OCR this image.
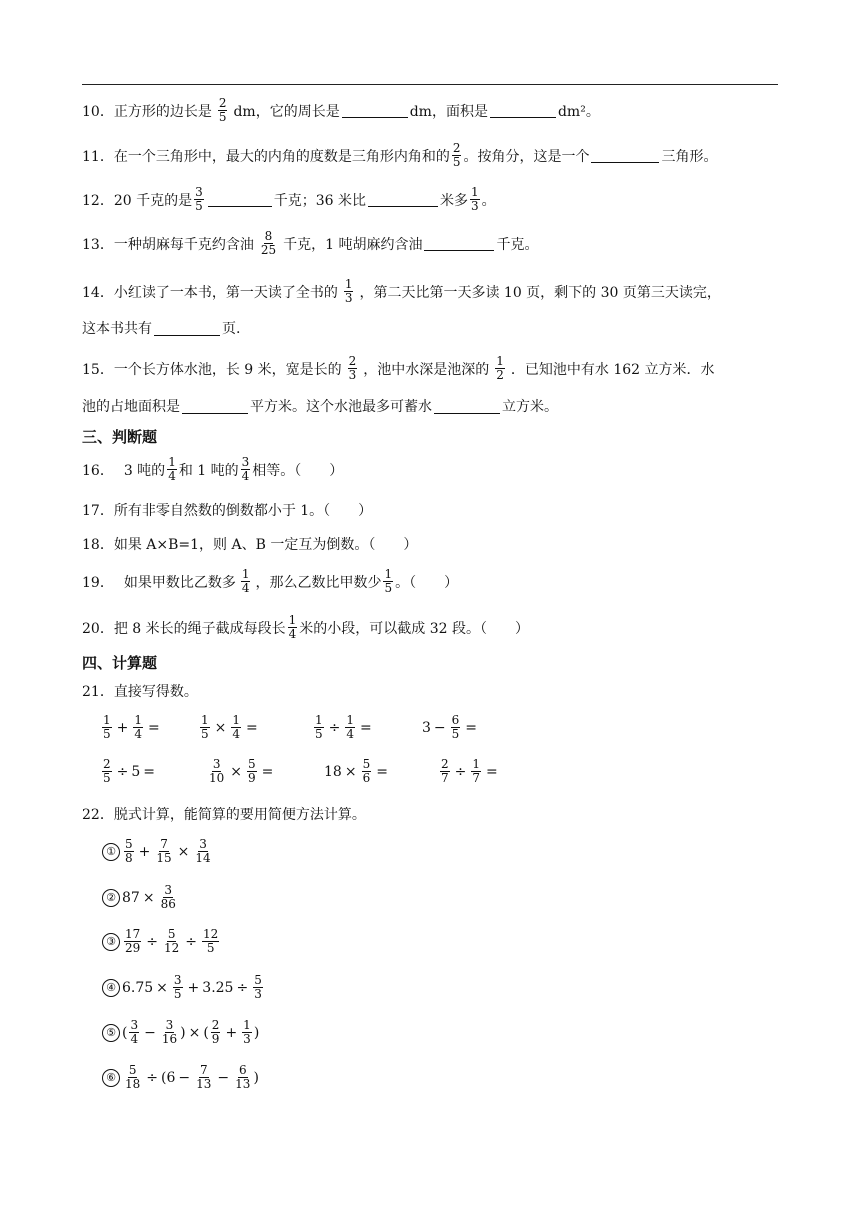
10． 正方形的边长是 $\frac{2}{5}$ dm，它的周长是	dm，面积是	dm²。
11． 在一个三角形中，最大的内角的度数是三角形内角和的 $\frac{2}{5}$ 。按角分，这是一个	三角形。
12． 20 千克的是 $\frac{3}{5}$	千克；36 米比	米多 $\frac{1}{3}$ 。
13． 一种胡麻每千克约含油 $\frac{8}{25}$ 千克，1 吨胡麻约含油	千克。
14． 小红读了一本书，第一天读了全书的 $\frac{1}{3}$ ，第二天比第一天多读 10 页，剩下的 30 页第三天读完，
这本书共有	页.
15． 一个长方体水池，长 9 米，宽是长的 $\frac{2}{3}$ ，池中水深是池深的 $\frac{1}{2}$ ．已知池中有水 162 立方米．水
池的占地面积是	平方米。这个水池最多可蓄水	立方米。
三、判断题
16． 3 吨的 $\frac{1}{4}$ 和 1 吨的 $\frac{3}{4}$ 相等。（　　）
17． 所有非零自然数的倒数都小于 1。（　　）
18． 如果 A×B=1，则 A、B 一定互为倒数。（　　）
19． 如果甲数比乙数多 $\frac{1}{4}$ ，那么乙数比甲数少 $\frac{1}{5}$ 。（　　）
20． 把 8 米长的绳子截成每段长 $\frac{1}{4}$ 米的小段，可以截成 32 段。（　　）
四、计算题
21． 直接写得数。
$\frac{1}{5} + \frac{1}{4}$ =	$\frac{1}{5} \times \frac{1}{4}$ =	$\frac{1}{5} \div \frac{1}{4}$ =	$3 - \frac{6}{5}$ =
$\frac{2}{5} \div 5$ =	$\frac{3}{10} \times \frac{5}{9}$ =	$18 \times \frac{5}{6}$ =	$\frac{2}{7} \div \frac{1}{7}$ =
22． 脱式计算，能简算的要用简便方法计算。
① $\frac{5}{8} + \frac{7}{15} \times \frac{3}{14}$
② $87 \times \frac{3}{86}$
③ $\frac{17}{29} \div \frac{5}{12} \div \frac{12}{5}$
④ $6.75 \times \frac{3}{5} + 3.25 \div \frac{5}{3}$
⑤ ( $\frac{3}{4} - \frac{3}{16}$ ) × ( $\frac{2}{9} + \frac{1}{3}$ )
⑥ $\frac{5}{18}$ ÷ ( $6 - \frac{7}{13} - \frac{6}{13}$ )
